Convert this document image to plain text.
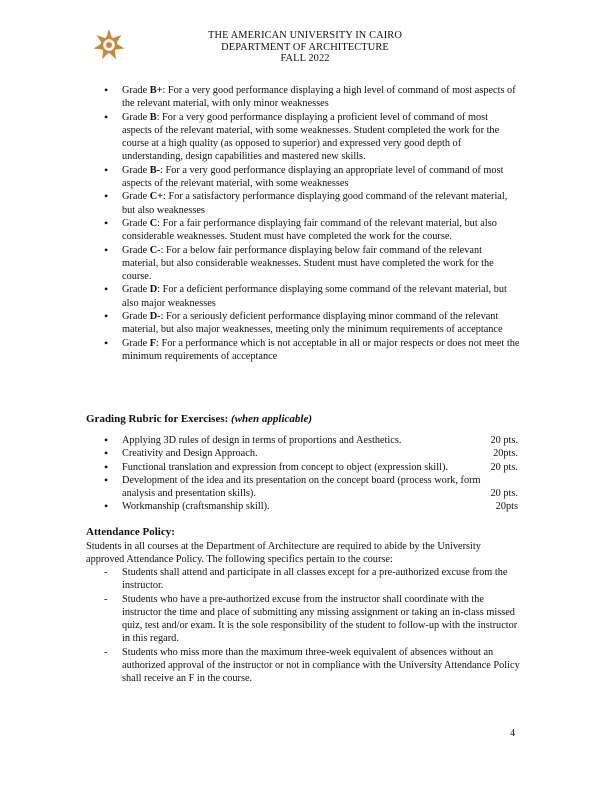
THE AMERICAN UNIVERSITY IN CAIRO
DEPARTMENT OF ARCHITECTURE
FALL 2022
• Grade B+: For a very good performance displaying a high level of command of most aspects of the relevant material, with only minor weaknesses
• Grade B: For a very good performance displaying a proficient level of command of most aspects of the relevant material, with some weaknesses. Student completed the work for the course at a high quality (as opposed to superior) and expressed very good depth of understanding, design capabilities and mastered new skills.
• Grade B-: For a very good performance displaying an appropriate level of command of most aspects of the relevant material, with some weaknesses
• Grade C+: For a satisfactory performance displaying good command of the relevant material, but also weaknesses
• Grade C: For a fair performance displaying fair command of the relevant material, but also considerable weaknesses. Student must have completed the work for the course.
• Grade C-: For a below fair performance displaying below fair command of the relevant material, but also considerable weaknesses. Student must have completed the work for the course.
• Grade D: For a deficient performance displaying some command of the relevant material, but also major weaknesses
• Grade D-: For a seriously deficient performance displaying minor command of the relevant material, but also major weaknesses, meeting only the minimum requirements of acceptance
• Grade F: For a performance which is not acceptable in all or major respects or does not meet the minimum requirements of acceptance
Grading Rubric for Exercises: (when applicable)
• Applying 3D rules of design in terms of proportions and Aesthetics.	20 pts.
• Creativity and Design Approach.	20pts.
• Functional translation and expression from concept to object (expression skill).	20 pts.
• Development of the idea and its presentation on the concept board (process work, form analysis and presentation skills).	20 pts.
• Workmanship (craftsmanship skill).	20pts
Attendance Policy:
Students in all courses at the Department of Architecture are required to abide by the University approved Attendance Policy. The following specifics pertain to the course:
- Students shall attend and participate in all classes except for a pre-authorized excuse from the instructor.
- Students who have a pre-authorized excuse from the instructor shall coordinate with the instructor the time and place of submitting any missing assignment or taking an in-class missed quiz, test and/or exam. It is the sole responsibility of the student to follow-up with the instructor in this regard.
- Students who miss more than the maximum three-week equivalent of absences without an authorized approval of the instructor or not in compliance with the University Attendance Policy shall receive an F in the course.
4
